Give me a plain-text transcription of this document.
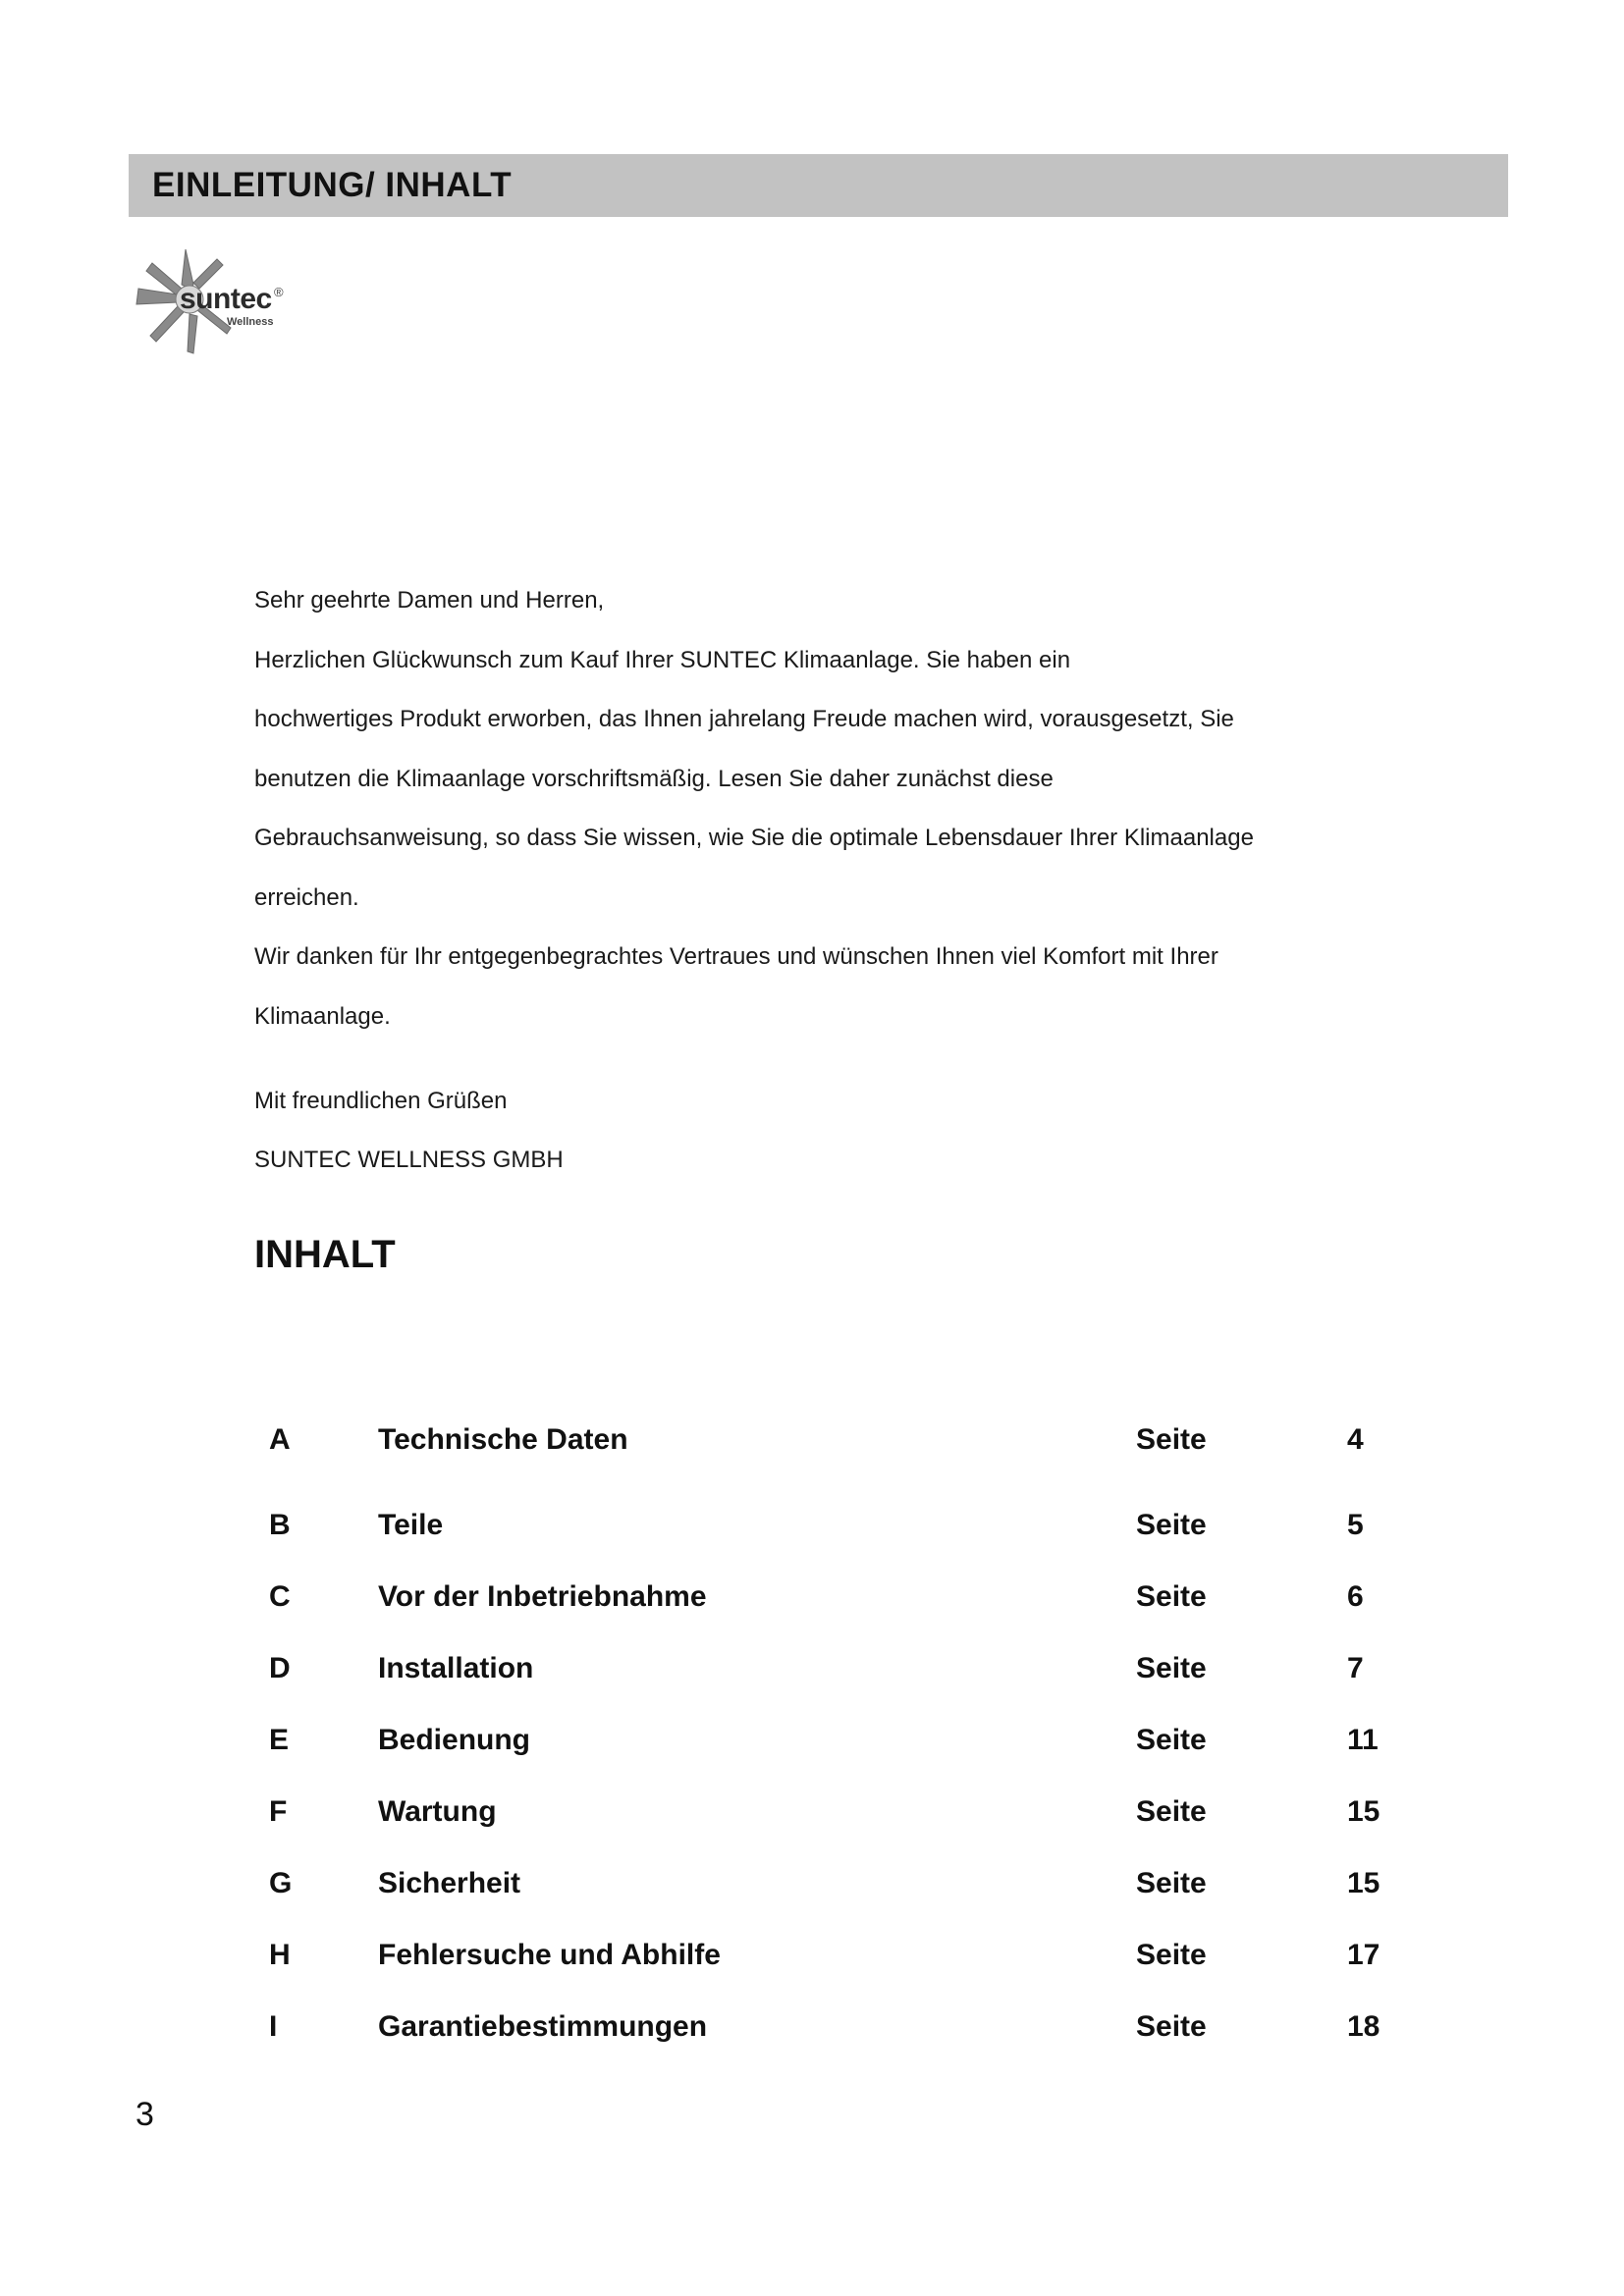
EINLEITUNG/ INHALT
suntec ®
Wellness

Sehr geehrte Damen und Herren,

Herzlichen Glückwunsch zum Kauf Ihrer SUNTEC Klimaanlage. Sie haben ein

hochwertiges Produkt erworben, das Ihnen jahrelang Freude machen wird, vorausgesetzt, Sie

benutzen die Klimaanlage vorschriftsmäßig. Lesen Sie daher zunächst diese

Gebrauchsanweisung, so dass Sie wissen, wie Sie die optimale Lebensdauer Ihrer Klimaanlage

erreichen.

Wir danken für Ihr entgegenbegrachtes Vertraues und wünschen Ihnen viel Komfort mit Ihrer

Klimaanlage.

Mit freundlichen Grüßen

SUNTEC WELLNESS GMBH

INHALT
A	Technische Daten	Seite	4
B	Teile	Seite	5
C	Vor der Inbetriebnahme	Seite	6
D	Installation	Seite	7
E	Bedienung	Seite	11
F	Wartung	Seite	15
G	Sicherheit	Seite	15
H	Fehlersuche und Abhilfe	Seite	17
I	Garantiebestimmungen	Seite	18
3
